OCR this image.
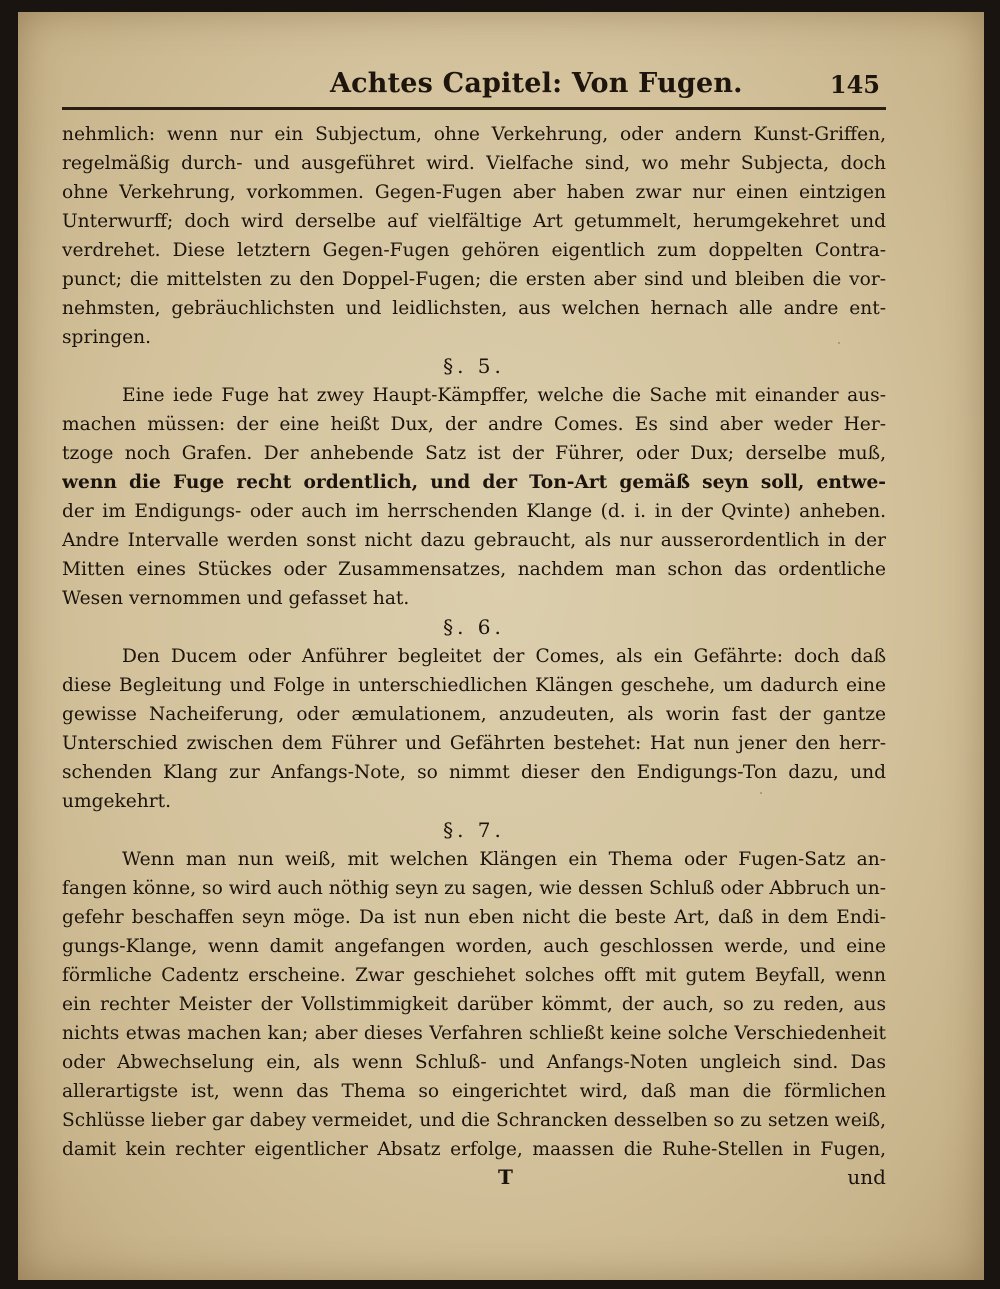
Achtes Capitel: Von Fugen.	145
nehmlich: wenn nur ein Subjectum, ohne Verkehrung, oder andern Kunst-Griffen,
regelmäßig durch- und ausgeführet wird. Vielfache sind, wo mehr Subjecta, doch
ohne Verkehrung, vorkommen. Gegen-Fugen aber haben zwar nur einen eintzigen
Unterwurff; doch wird derselbe auf vielfältige Art getummelt, herumgekehret und
verdrehet. Diese letztern Gegen-Fugen gehören eigentlich zum doppelten Contra-
punct; die mittelsten zu den Doppel-Fugen; die ersten aber sind und bleiben die vor-
nehmsten, gebräuchlichsten und leidlichsten, aus welchen hernach alle andre ent-
springen.
§. 5.
Eine iede Fuge hat zwey Haupt-Kämpffer, welche die Sache mit einander aus-
machen müssen: der eine heißt Dux, der andre Comes. Es sind aber weder Her-
tzoge noch Grafen. Der anhebende Satz ist der Führer, oder Dux; derselbe muß,
wenn die Fuge recht ordentlich, und der Ton-Art gemäß seyn soll, entwe-
der im Endigungs- oder auch im herrschenden Klange (d. i. in der Qvinte) anheben.
Andre Intervalle werden sonst nicht dazu gebraucht, als nur ausserordentlich in der
Mitten eines Stückes oder Zusammensatzes, nachdem man schon das ordentliche
Wesen vernommen und gefasset hat.
§. 6.
Den Ducem oder Anführer begleitet der Comes, als ein Gefährte: doch daß
diese Begleitung und Folge in unterschiedlichen Klängen geschehe, um dadurch eine
gewisse Nacheiferung, oder æmulationem, anzudeuten, als worin fast der gantze
Unterschied zwischen dem Führer und Gefährten bestehet: Hat nun jener den herr-
schenden Klang zur Anfangs-Note, so nimmt dieser den Endigungs-Ton dazu, und
umgekehrt.
§. 7.
Wenn man nun weiß, mit welchen Klängen ein Thema oder Fugen-Satz an-
fangen könne, so wird auch nöthig seyn zu sagen, wie dessen Schluß oder Abbruch un-
gefehr beschaffen seyn möge. Da ist nun eben nicht die beste Art, daß in dem Endi-
gungs-Klange, wenn damit angefangen worden, auch geschlossen werde, und eine
förmliche Cadentz erscheine. Zwar geschiehet solches offt mit gutem Beyfall, wenn
ein rechter Meister der Vollstimmigkeit darüber kömmt, der auch, so zu reden, aus
nichts etwas machen kan; aber dieses Verfahren schließt keine solche Verschiedenheit
oder Abwechselung ein, als wenn Schluß- und Anfangs-Noten ungleich sind. Das
allerartigste ist, wenn das Thema so eingerichtet wird, daß man die förmlichen
Schlüsse lieber gar dabey vermeidet, und die Schrancken desselben so zu setzen weiß,
damit kein rechter eigentlicher Absatz erfolge, maassen die Ruhe-Stellen in Fugen,
T	und
